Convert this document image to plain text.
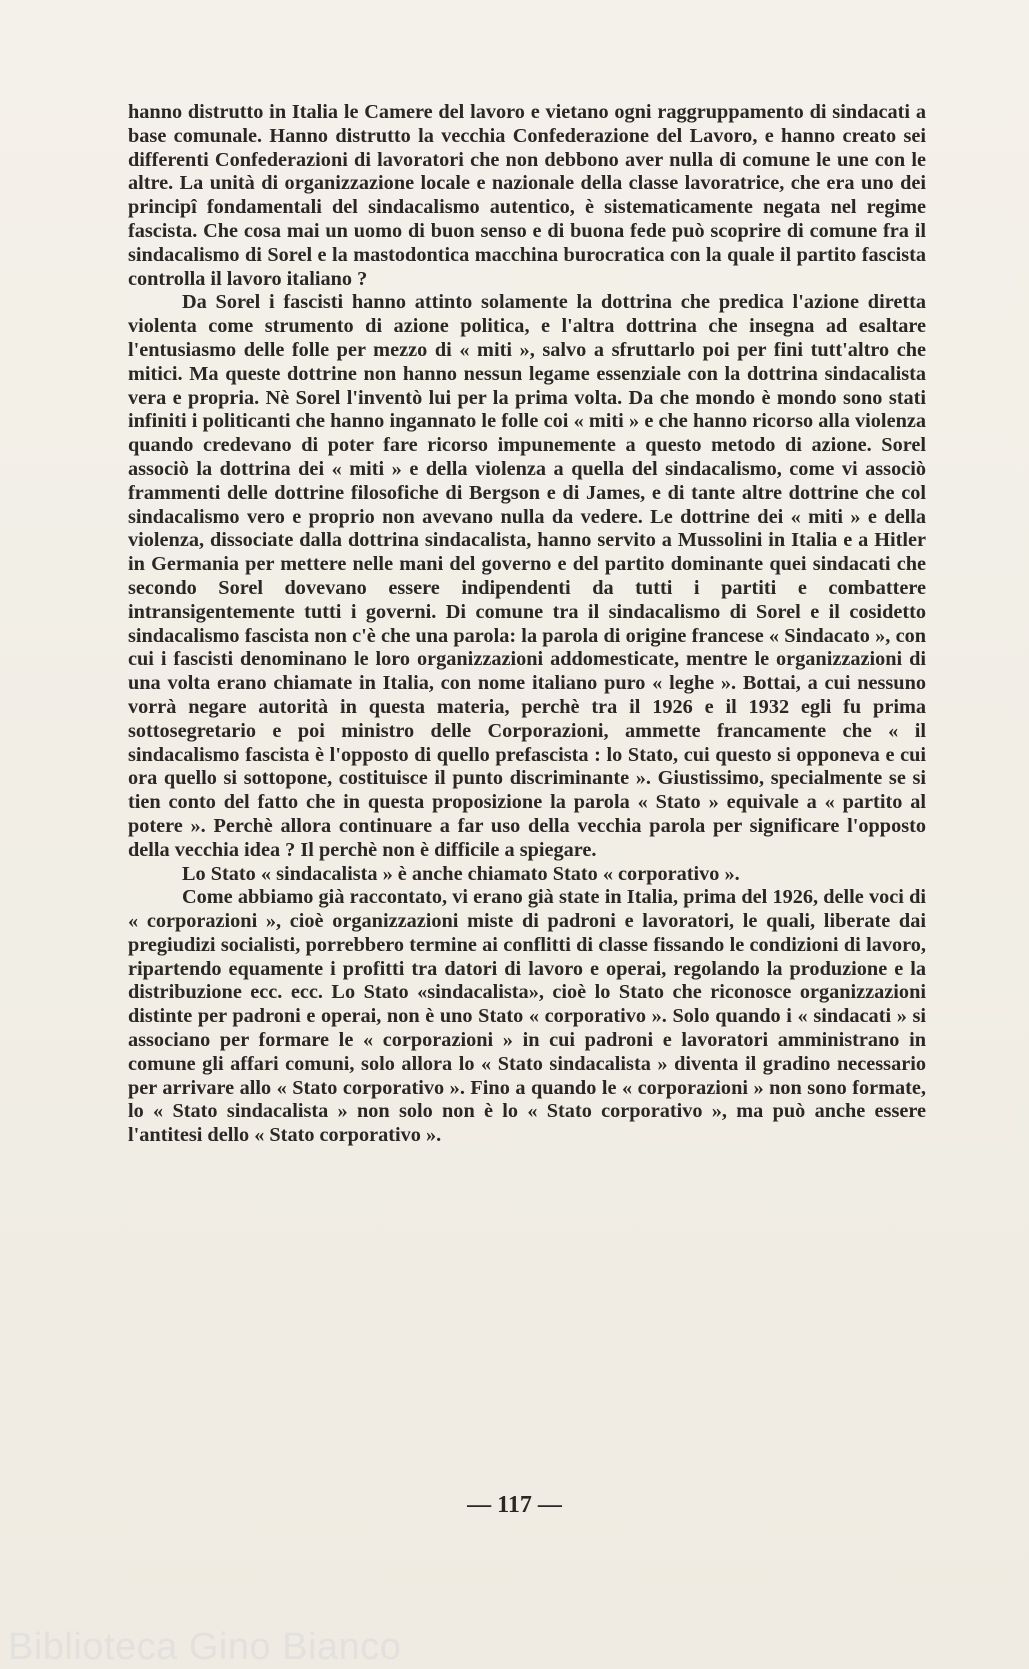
hanno distrutto in Italia le Camere del lavoro e vietano ogni raggruppamento di sindacati a base comunale. Hanno distrutto la vecchia Confederazione del Lavoro, e hanno creato sei differenti Confederazioni di lavoratori che non debbono aver nulla di comune le une con le altre. La unità di organizzazione locale e nazionale della classe lavoratrice, che era uno dei principî fondamentali del sindacalismo autentico, è sistematicamente negata nel regime fascista. Che cosa mai un uomo di buon senso e di buona fede può scoprire di comune fra il sindacalismo di Sorel e la mastodontica macchina burocratica con la quale il partito fascista controlla il lavoro italiano ?

Da Sorel i fascisti hanno attinto solamente la dottrina che predica l'azione diretta violenta come strumento di azione politica, e l'altra dottrina che insegna ad esaltare l'entusiasmo delle folle per mezzo di « miti », salvo a sfruttarlo poi per fini tutt'altro che mitici. Ma queste dottrine non hanno nessun legame essenziale con la dottrina sindacalista vera e propria. Nè Sorel l'inventò lui per la prima volta. Da che mondo è mondo sono stati infiniti i politicanti che hanno ingannato le folle coi « miti » e che hanno ricorso alla violenza quando credevano di poter fare ricorso impunemente a questo metodo di azione. Sorel associò la dottrina dei « miti » e della violenza a quella del sindacalismo, come vi associò frammenti delle dottrine filosofiche di Bergson e di James, e di tante altre dottrine che col sindacalismo vero e proprio non avevano nulla da vedere. Le dottrine dei « miti » e della violenza, dissociate dalla dottrina sindacalista, hanno servito a Mussolini in Italia e a Hitler in Germania per mettere nelle mani del governo e del partito dominante quei sindacati che secondo Sorel dovevano essere indipendenti da tutti i partiti e combattere intransigentemente tutti i governi. Di comune tra il sindacalismo di Sorel e il cosidetto sindacalismo fascista non c'è che una parola: la parola di origine francese « Sindacato », con cui i fascisti denominano le loro organizzazioni addomesticate, mentre le organizzazioni di una volta erano chiamate in Italia, con nome italiano puro « leghe ». Bottai, a cui nessuno vorrà negare autorità in questa materia, perchè tra il 1926 e il 1932 egli fu prima sottosegretario e poi ministro delle Corporazioni, ammette francamente che « il sindacalismo fascista è l'opposto di quello prefascista : lo Stato, cui questo si opponeva e cui ora quello si sottopone, costituisce il punto discriminante ». Giustissimo, specialmente se si tien conto del fatto che in questa proposizione la parola « Stato » equivale a « partito al potere ». Perchè allora continuare a far uso della vecchia parola per significare l'opposto della vecchia idea ? Il perchè non è difficile a spiegare.

Lo Stato « sindacalista » è anche chiamato Stato « corporativo ».

Come abbiamo già raccontato, vi erano già state in Italia, prima del 1926, delle voci di « corporazioni », cioè organizzazioni miste di padroni e lavoratori, le quali, liberate dai pregiudizi socialisti, porrebbero termine ai conflitti di classe fissando le condizioni di lavoro, ripartendo equamente i profitti tra datori di lavoro e operai, regolando la produzione e la distribuzione ecc. ecc. Lo Stato «sindacalista», cioè lo Stato che riconosce organizzazioni distinte per padroni e operai, non è uno Stato « corporativo ». Solo quando i « sindacati » si associano per formare le « corporazioni » in cui padroni e lavoratori amministrano in comune gli affari comuni, solo allora lo « Stato sindacalista » diventa il gradino necessario per arrivare allo « Stato corporativo ». Fino a quando le « corporazioni » non sono formate, lo « Stato sindacalista » non solo non è lo « Stato corporativo », ma può anche essere l'antitesi dello « Stato corporativo ».

— 117 —
Biblioteca Gino Bianco
